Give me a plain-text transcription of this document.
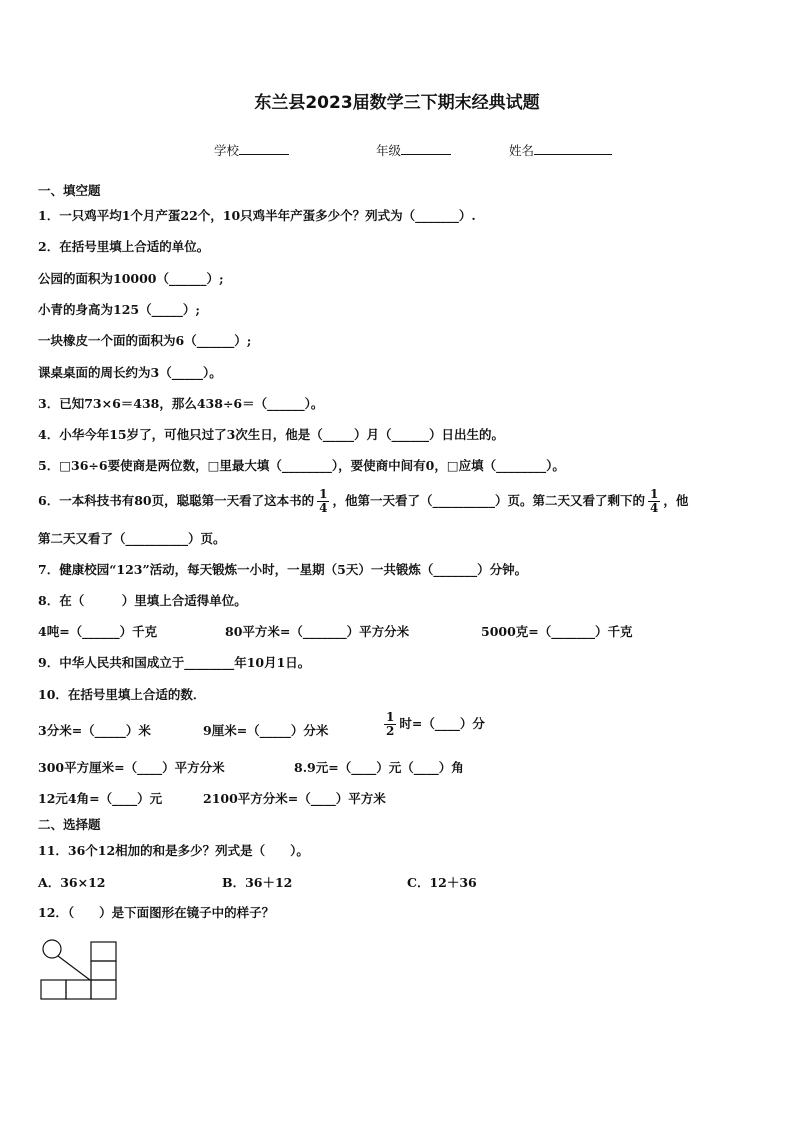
东兰县2023届数学三下期末经典试题
学校	年级	姓名
一、填空题
1．一只鸡平均1个月产蛋22个，10只鸡半年产蛋多少个？列式为（_______）.
2．在括号里填上合适的单位。
公园的面积为10000（______）;
小青的身高为125（_____）;
一块橡皮一个面的面积为6（______）;
课桌桌面的周长约为3（_____）。
3．已知73×6＝438，那么438÷6＝（______）。
4．小华今年15岁了，可他只过了3次生日，他是（_____）月（______）日出生的。
5．□36÷6要使商是两位数，□里最大填（________），要使商中间有0，□应填（________）。
6．一本科技书有80页，聪聪第一天看了这本书的 $\frac{1}{4}$ ，他第一天看了（__________）页。第二天又看了剩下的 $\frac{1}{4}$ ，他
第二天又看了（__________）页。
7．健康校园“123”活动，每天锻炼一小时，一星期（5天）一共锻炼（_______）分钟。
8．在（　　　）里填上合适得单位。
4吨=（______）千克	80平方米=（_______）平方分米	5000克=（_______）千克
9．中华人民共和国成立于________年10月1日。
10．在括号里填上合适的数．
3分米=（_____）米	9厘米=（_____）分米	$\frac{1}{2}$ 时=（____）分
300平方厘米=（____）平方分米	8.9元=（____）元（____）角
12元4角=（____）元	2100平方分米=（____）平方米
二、选择题
11．36个12相加的和是多少？列式是（　　）。
A．36×12	B．36＋12	C．12＋36
12．（　　）是下面图形在镜子中的样子？
